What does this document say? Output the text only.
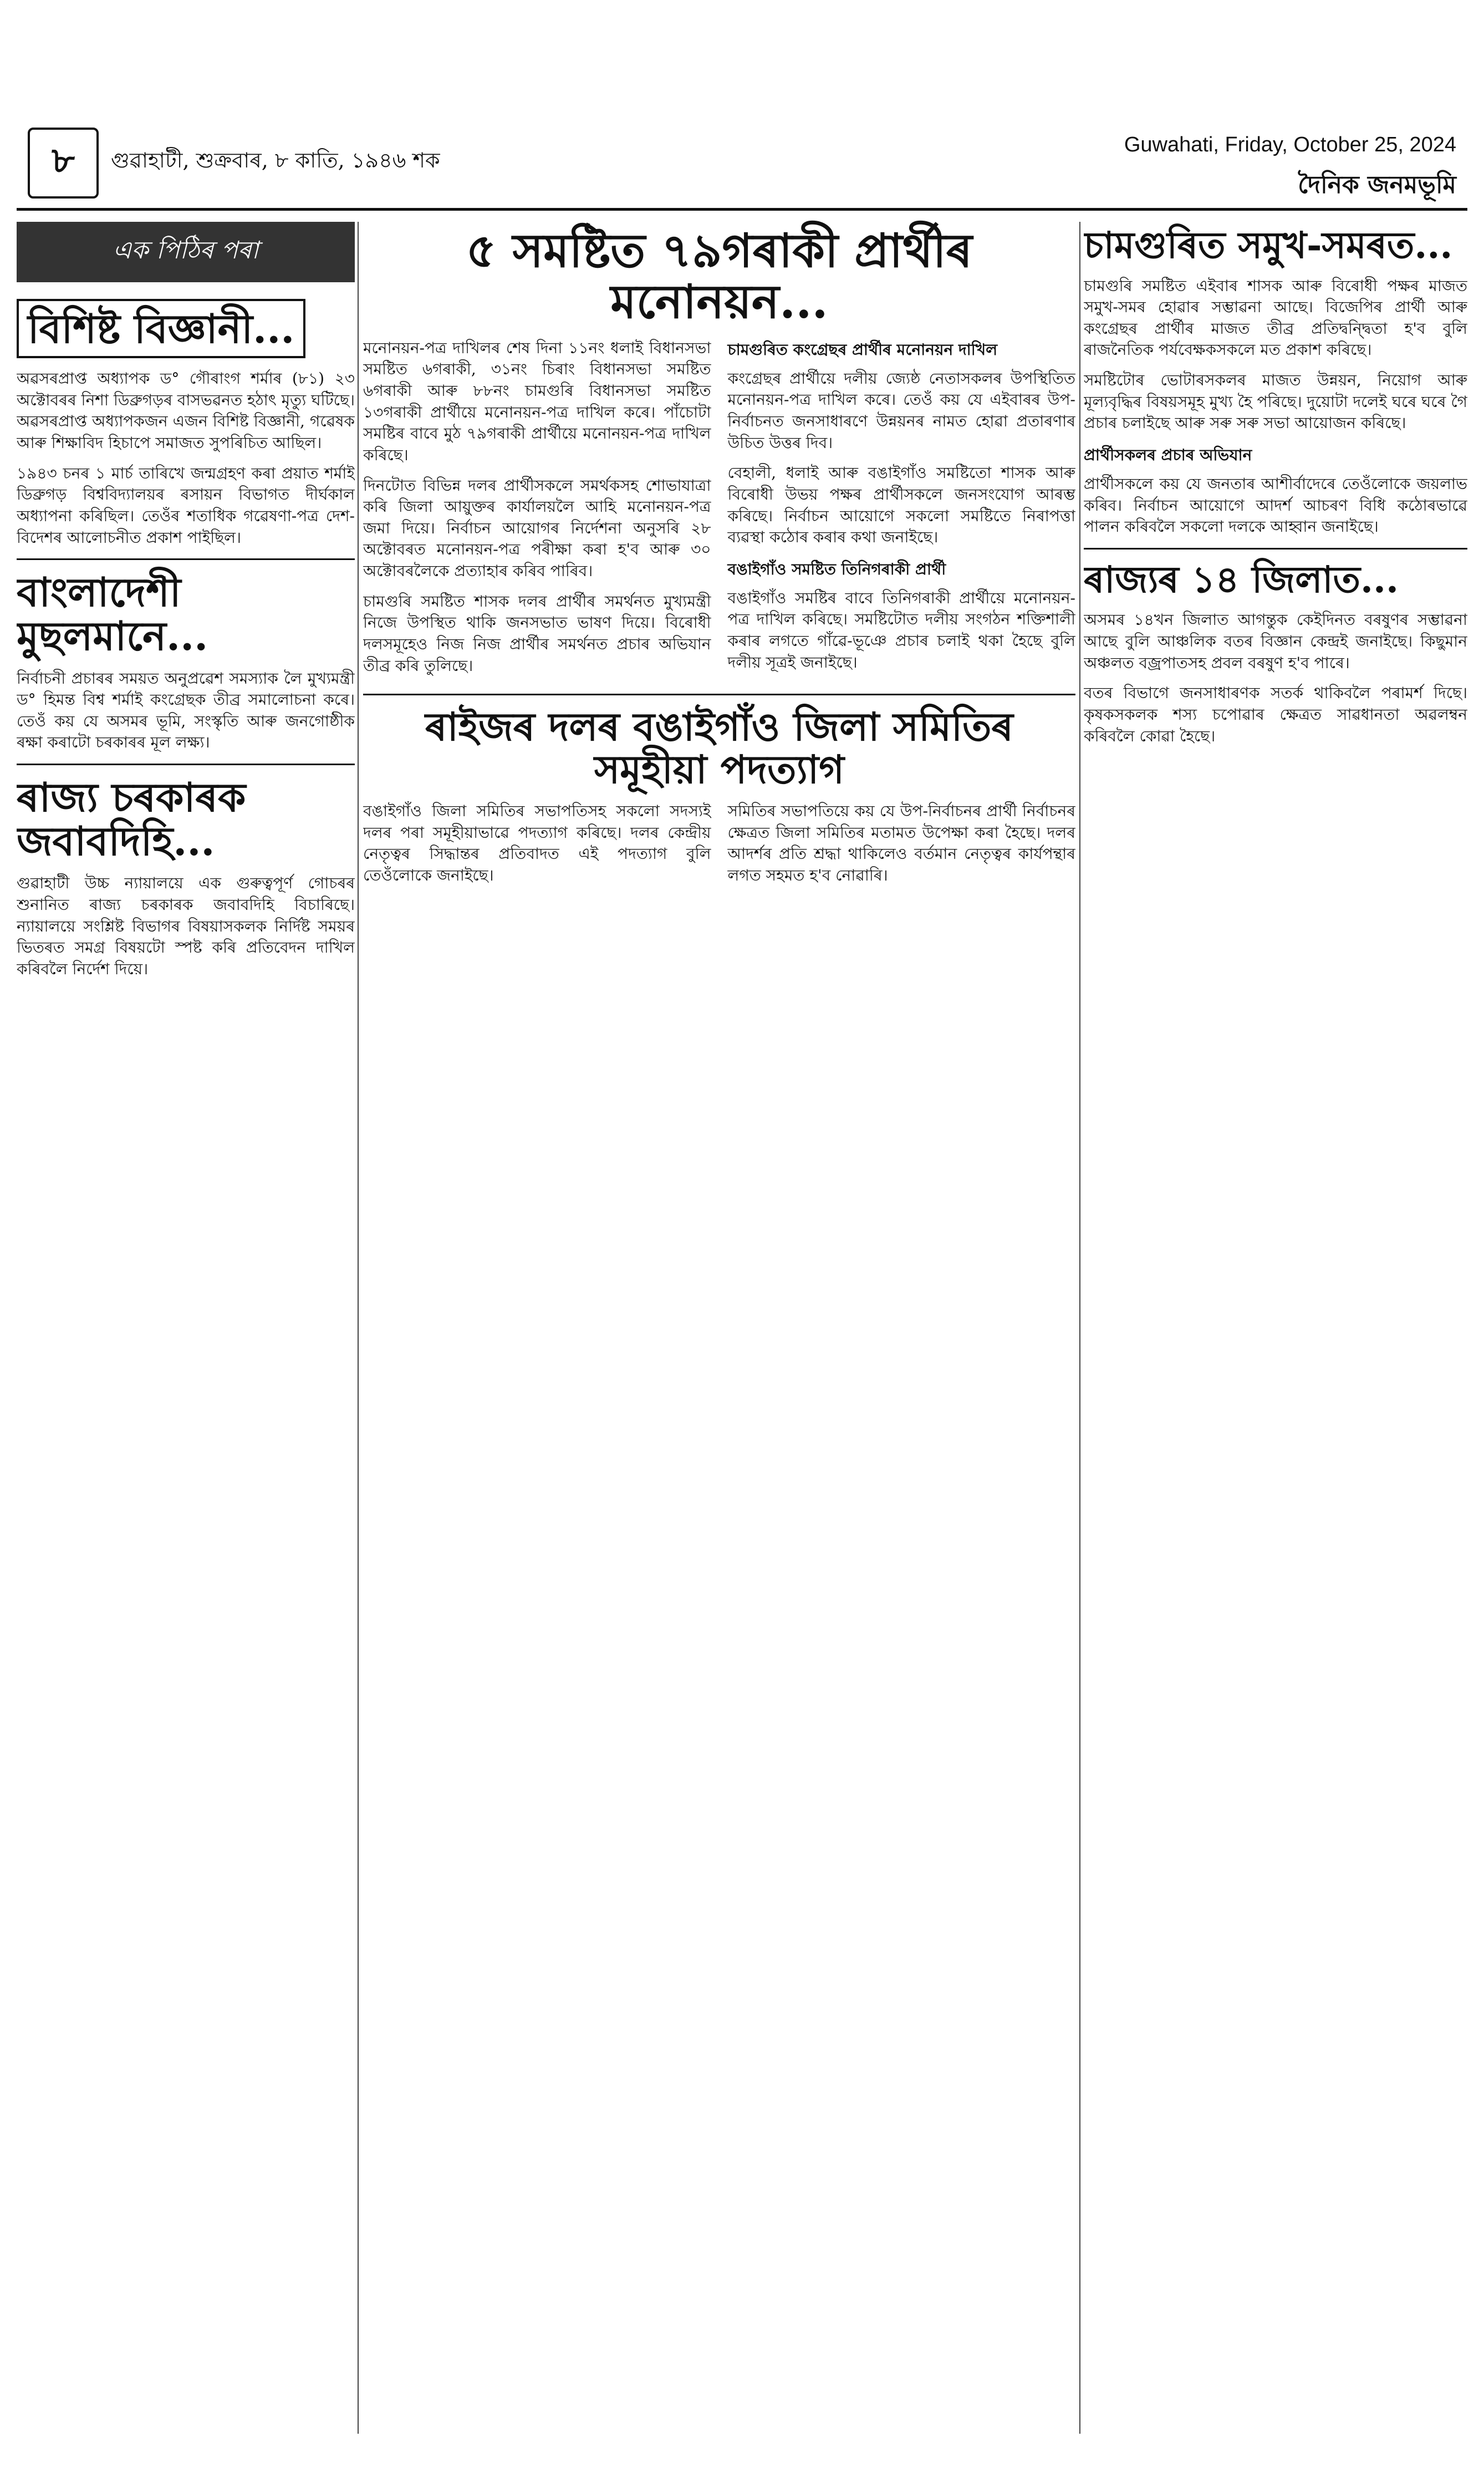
৮	গুৱাহাটী, শুক্ৰবাৰ, ৮ কাতি, ১৯৪৬ শক
Guwahati, Friday, October 25, 2024
দৈনিক জনমভূমি
এক পিঠিৰ পৰা
বিশিষ্ট বিজ্ঞানী...

অৱসৰপ্ৰাপ্ত অধ্যাপক ড° গৌৰাংগ শৰ্মাৰ (৮১) ২৩ অক্টোবৰৰ নিশা ডিব্ৰুগড়ৰ বাসভৱনত হঠাৎ মৃত্যু ঘটিছে। অৱসৰপ্ৰাপ্ত অধ্যাপকজন এজন বিশিষ্ট বিজ্ঞানী, গৱেষক আৰু শিক্ষাবিদ হিচাপে সমাজত সুপৰিচিত আছিল।

১৯৪৩ চনৰ ১ মাৰ্চ তাৰিখে জন্মগ্ৰহণ কৰা প্ৰয়াত শৰ্মাই ডিব্ৰুগড় বিশ্ববিদ্যালয়ৰ ৰসায়ন বিভাগত দীৰ্ঘকাল অধ্যাপনা কৰিছিল। তেওঁৰ শতাধিক গৱেষণা-পত্ৰ দেশ-বিদেশৰ আলোচনীত প্ৰকাশ পাইছিল।

বাংলাদেশী মুছলমানে...

নিৰ্বাচনী প্ৰচাৰৰ সময়ত অনুপ্ৰৱেশ সমস্যাক লৈ মুখ্যমন্ত্ৰী ড° হিমন্ত বিশ্ব শৰ্মাই কংগ্ৰেছক তীব্ৰ সমালোচনা কৰে। তেওঁ কয় যে অসমৰ ভূমি, সংস্কৃতি আৰু জনগোষ্ঠীক ৰক্ষা কৰাটো চৰকাৰৰ মূল লক্ষ্য।

ৰাজ্য চৰকাৰক জবাবদিহি...

গুৱাহাটী উচ্চ ন্যায়ালয়ে এক গুৰুত্বপূৰ্ণ গোচৰৰ শুনানিত ৰাজ্য চৰকাৰক জবাবদিহি বিচাৰিছে। ন্যায়ালয়ে সংশ্লিষ্ট বিভাগৰ বিষয়াসকলক নিৰ্দিষ্ট সময়ৰ ভিতৰত সমগ্ৰ বিষয়টো স্পষ্ট কৰি প্ৰতিবেদন দাখিল কৰিবলৈ নিৰ্দেশ দিয়ে।

৫ সমষ্টিত ৭৯গৰাকী প্ৰাৰ্থীৰ মনোনয়ন...

মনোনয়ন-পত্ৰ দাখিলৰ শেষ দিনা ১১নং ধলাই বিধানসভা সমষ্টিত ৬গৰাকী, ৩১নং চিৰাং বিধানসভা সমষ্টিত ৬গৰাকী আৰু ৮৮নং চামগুৰি বিধানসভা সমষ্টিত ১৩গৰাকী প্ৰাৰ্থীয়ে মনোনয়ন-পত্ৰ দাখিল কৰে। পাঁচোটা সমষ্টিৰ বাবে মুঠ ৭৯গৰাকী প্ৰাৰ্থীয়ে মনোনয়ন-পত্ৰ দাখিল কৰিছে।

দিনটোত বিভিন্ন দলৰ প্ৰাৰ্থীসকলে সমৰ্থকসহ শোভাযাত্ৰা কৰি জিলা আয়ুক্তৰ কাৰ্যালয়লৈ আহি মনোনয়ন-পত্ৰ জমা দিয়ে। নিৰ্বাচন আয়োগৰ নিৰ্দেশনা অনুসৰি ২৮ অক্টোবৰত মনোনয়ন-পত্ৰ পৰীক্ষা কৰা হ'ব আৰু ৩০ অক্টোবৰলৈকে প্ৰত্যাহাৰ কৰিব পাৰিব।

চামগুৰি সমষ্টিত শাসক দলৰ প্ৰাৰ্থীৰ সমৰ্থনত মুখ্যমন্ত্ৰী নিজে উপস্থিত থাকি জনসভাত ভাষণ দিয়ে। বিৰোধী দলসমূহেও নিজ নিজ প্ৰাৰ্থীৰ সমৰ্থনত প্ৰচাৰ অভিযান তীব্ৰ কৰি তুলিছে।

চামগুৰিত কংগ্ৰেছৰ প্ৰাৰ্থীৰ মনোনয়ন দাখিল

কংগ্ৰেছৰ প্ৰাৰ্থীয়ে দলীয় জ্যেষ্ঠ নেতাসকলৰ উপস্থিতিত মনোনয়ন-পত্ৰ দাখিল কৰে। তেওঁ কয় যে এইবাৰৰ উপ-নিৰ্বাচনত জনসাধাৰণে উন্নয়নৰ নামত হোৱা প্ৰতাৰণাৰ উচিত উত্তৰ দিব।

বেহালী, ধলাই আৰু বঙাইগাঁও সমষ্টিতো শাসক আৰু বিৰোধী উভয় পক্ষৰ প্ৰাৰ্থীসকলে জনসংযোগ আৰম্ভ কৰিছে। নিৰ্বাচন আয়োগে সকলো সমষ্টিতে নিৰাপত্তা ব্যৱস্থা কঠোৰ কৰাৰ কথা জনাইছে।

বঙাইগাঁও সমষ্টিত তিনিগৰাকী প্ৰাৰ্থী

বঙাইগাঁও সমষ্টিৰ বাবে তিনিগৰাকী প্ৰাৰ্থীয়ে মনোনয়ন-পত্ৰ দাখিল কৰিছে। সমষ্টিটোত দলীয় সংগঠন শক্তিশালী কৰাৰ লগতে গাঁৱে-ভূঞে প্ৰচাৰ চলাই থকা হৈছে বুলি দলীয় সূত্ৰই জনাইছে।

ৰাইজৰ দলৰ বঙাইগাঁও জিলা সমিতিৰ সমূহীয়া পদত্যাগ

বঙাইগাঁও জিলা সমিতিৰ সভাপতিসহ সকলো সদস্যই দলৰ পৰা সমূহীয়াভাৱে পদত্যাগ কৰিছে। দলৰ কেন্দ্ৰীয় নেতৃত্বৰ সিদ্ধান্তৰ প্ৰতিবাদত এই পদত্যাগ বুলি তেওঁলোকে জনাইছে।

সমিতিৰ সভাপতিয়ে কয় যে উপ-নিৰ্বাচনৰ প্ৰাৰ্থী নিৰ্বাচনৰ ক্ষেত্ৰত জিলা সমিতিৰ মতামত উপেক্ষা কৰা হৈছে। দলৰ আদৰ্শৰ প্ৰতি শ্ৰদ্ধা থাকিলেও বৰ্তমান নেতৃত্বৰ কাৰ্যপন্থাৰ লগত সহমত হ'ব নোৱাৰি।

চামগুৰিত সমুখ-সমৰত...

চামগুৰি সমষ্টিত এইবাৰ শাসক আৰু বিৰোধী পক্ষৰ মাজত সমুখ-সমৰ হোৱাৰ সম্ভাৱনা আছে। বিজেপিৰ প্ৰাৰ্থী আৰু কংগ্ৰেছৰ প্ৰাৰ্থীৰ মাজত তীব্ৰ প্ৰতিদ্বন্দ্বিতা হ'ব বুলি ৰাজনৈতিক পৰ্যবেক্ষকসকলে মত প্ৰকাশ কৰিছে।

সমষ্টিটোৰ ভোটাৰসকলৰ মাজত উন্নয়ন, নিয়োগ আৰু মূল্যবৃদ্ধিৰ বিষয়সমূহ মুখ্য হৈ পৰিছে। দুয়োটা দলেই ঘৰে ঘৰে গৈ প্ৰচাৰ চলাইছে আৰু সৰু সৰু সভা আয়োজন কৰিছে।

প্ৰাৰ্থীসকলৰ প্ৰচাৰ অভিযান

প্ৰাৰ্থীসকলে কয় যে জনতাৰ আশীৰ্বাদেৰে তেওঁলোকে জয়লাভ কৰিব। নিৰ্বাচন আয়োগে আদৰ্শ আচৰণ বিধি কঠোৰভাৱে পালন কৰিবলৈ সকলো দলকে আহ্বান জনাইছে।

ৰাজ্যৰ ১৪ জিলাত...

অসমৰ ১৪খন জিলাত আগন্তুক কেইদিনত বৰষুণৰ সম্ভাৱনা আছে বুলি আঞ্চলিক বতৰ বিজ্ঞান কেন্দ্ৰই জনাইছে। কিছুমান অঞ্চলত বজ্ৰপাতসহ প্ৰবল বৰষুণ হ'ব পাৰে।

বতৰ বিভাগে জনসাধাৰণক সতৰ্ক থাকিবলৈ পৰামৰ্শ দিছে। কৃষকসকলক শস্য চপোৱাৰ ক্ষেত্ৰত সাৱধানতা অৱলম্বন কৰিবলৈ কোৱা হৈছে।
